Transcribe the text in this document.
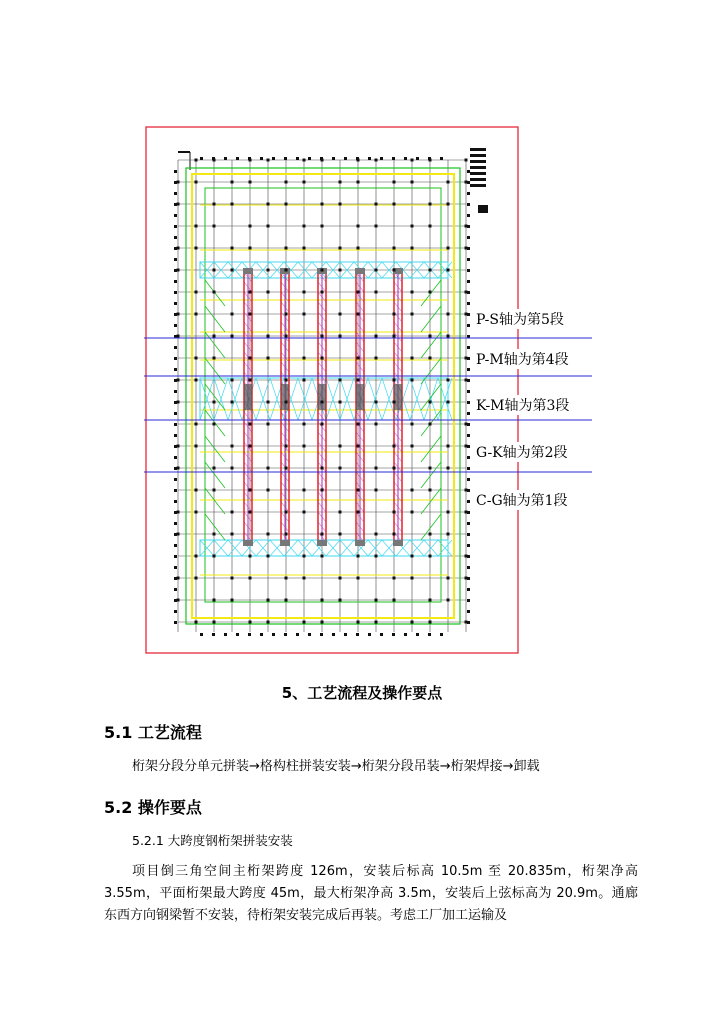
P-S轴为第5段
P-M轴为第4段
K-M轴为第3段
G-K轴为第2段
C-G轴为第1段
5、工艺流程及操作要点
5.1 工艺流程
桁架分段分单元拼装→格构柱拼装安装→桁架分段吊装→桁架焊接→卸载
5.2 操作要点
5.2.1 大跨度钢桁架拼装安装
项目倒三角空间主桁架跨度 126m，安装后标高 10.5m 至 20.835m，桁架净高 3.55m，平面桁架最大跨度 45m，最大桁架净高 3.5m，安装后上弦标高为 20.9m。通廊东西方向钢梁暂不安装，待桁架安装完成后再装。考虑工厂加工运输及
